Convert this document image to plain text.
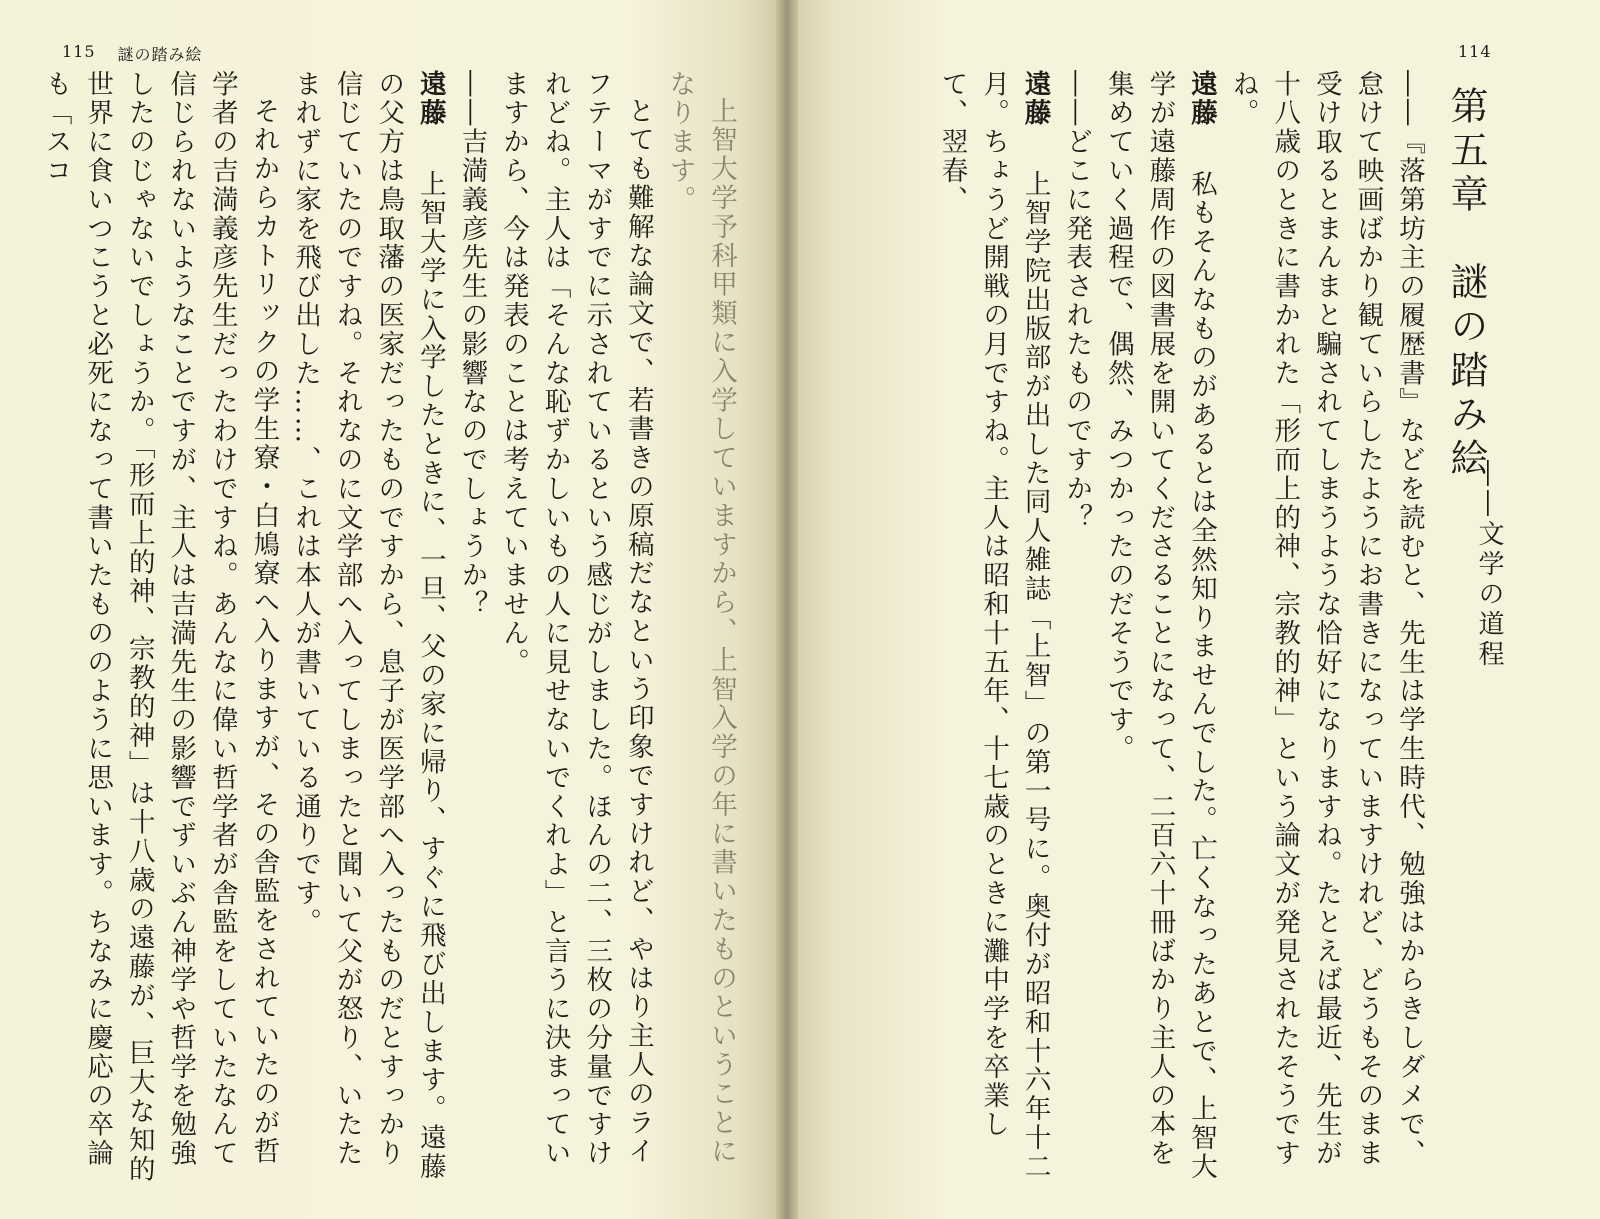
115 謎の踏み絵

上智大学予科甲類に入学していますから、上智入学の年に書いたものということになります。

とても難解な論文で、若書きの原稿だなという印象ですけれど、やはり主人のライフテーマがすでに示されているという感じがしました。ほんの二、三枚の分量ですけれどね。主人は「そんな恥ずかしいもの人に見せないでくれよ」と言うに決まっていますから、今は発表のことは考えていません。

――吉満義彦先生の影響なのでしょうか？

遠藤　上智大学に入学したときに、一旦、父の家に帰り、すぐに飛び出します。遠藤の父方は鳥取藩の医家だったものですから、息子が医学部へ入ったものだとすっかり信じていたのですね。それなのに文学部へ入ってしまったと聞いて父が怒り、いたたまれずに家を飛び出した……、これは本人が書いている通りです。

それからカトリックの学生寮・白鳩寮へ入りますが、その舎監をされていたのが哲学者の吉満義彦先生だったわけですね。あんなに偉い哲学者が舎監をしていたなんて信じられないようなことですが、主人は吉満先生の影響でずいぶん神学や哲学を勉強したのじゃないでしょうか。「形而上的神、宗教的神」は十八歳の遠藤が、巨大な知的世界に食いつこうと必死になって書いたもののように思います。ちなみに慶応の卒論も「スコ

114
第五章　謎の踏み絵
――文学の道程

――『落第坊主の履歴書』などを読むと、先生は学生時代、勉強はからきしダメで、怠けて映画ばかり観ていらしたようにお書きになっていますけれど、どうもそのまま受け取るとまんまと騙されてしまうような恰好になりますね。たとえば最近、先生が十八歳のときに書かれた「形而上的神、宗教的神」という論文が発見されたそうですね。

遠藤　私もそんなものがあるとは全然知りませんでした。亡くなったあとで、上智大学が遠藤周作の図書展を開いてくださることになって、二百六十冊ばかり主人の本を集めていく過程で、偶然、みつかったのだそうです。

――どこに発表されたものですか？

遠藤　上智学院出版部が出した同人雑誌「上智」の第一号に。奥付が昭和十六年十二月。ちょうど開戦の月ですね。主人は昭和十五年、十七歳のときに灘中学を卒業して、翌春、
